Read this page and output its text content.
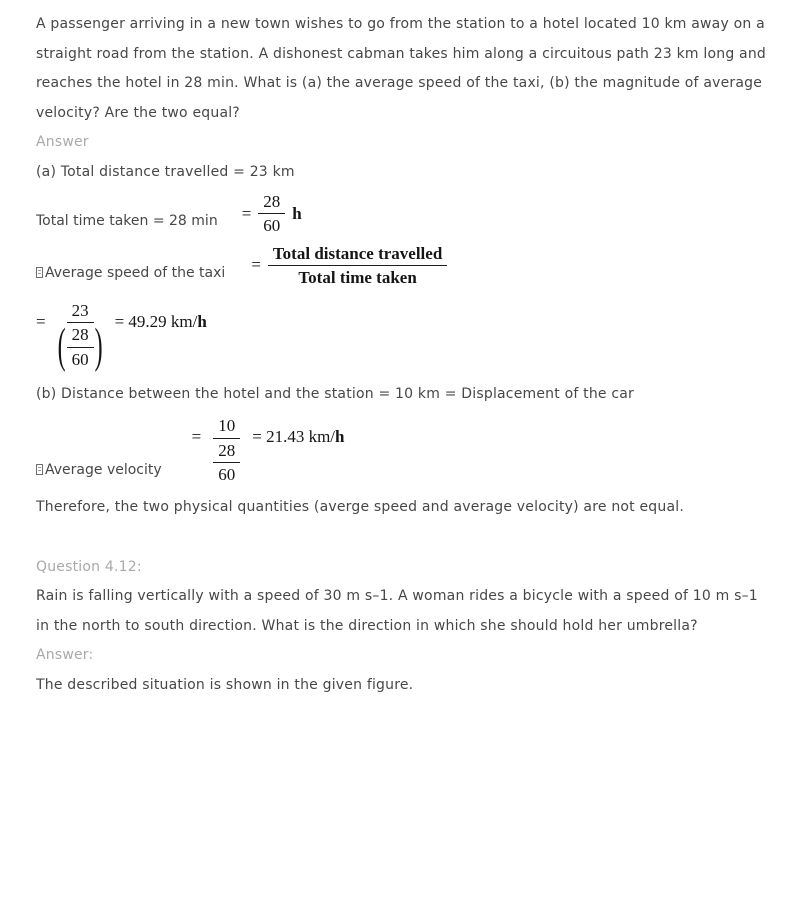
A passenger arriving in a new town wishes to go from the station to a hotel located 10 km away on a straight road from the station. A dishonest cabman takes him along a circuitous path 23 km long and reaches the hotel in 28 min. What is (a) the average speed of the taxi, (b) the magnitude of average velocity? Are the two equal?

Answer

(a) Total distance travelled = 23 km

Total time taken = 28 $\min = \frac{28}{60}$ h
Average speed of the taxi = $\frac{\text{Total distance travelled}}{\text{Total time taken}}$
=
23
( $\frac{28}{60}$ ) = 49.29 km/h

(b) Distance between the hotel and the station = 10 km = Displacement of the car

Average velocity
= $\frac{10}{\frac{28}{60}} = 21.43$ km/h

Therefore, the two physical quantities (averge speed and average velocity) are not equal.

Question 4.12:

Rain is falling vertically with a speed of 30 m s–1. A woman rides a bicycle with a speed of 10 m s–1 in the north to south direction. What is the direction in which she should hold her umbrella?

Answer:

The described situation is shown in the given figure.
